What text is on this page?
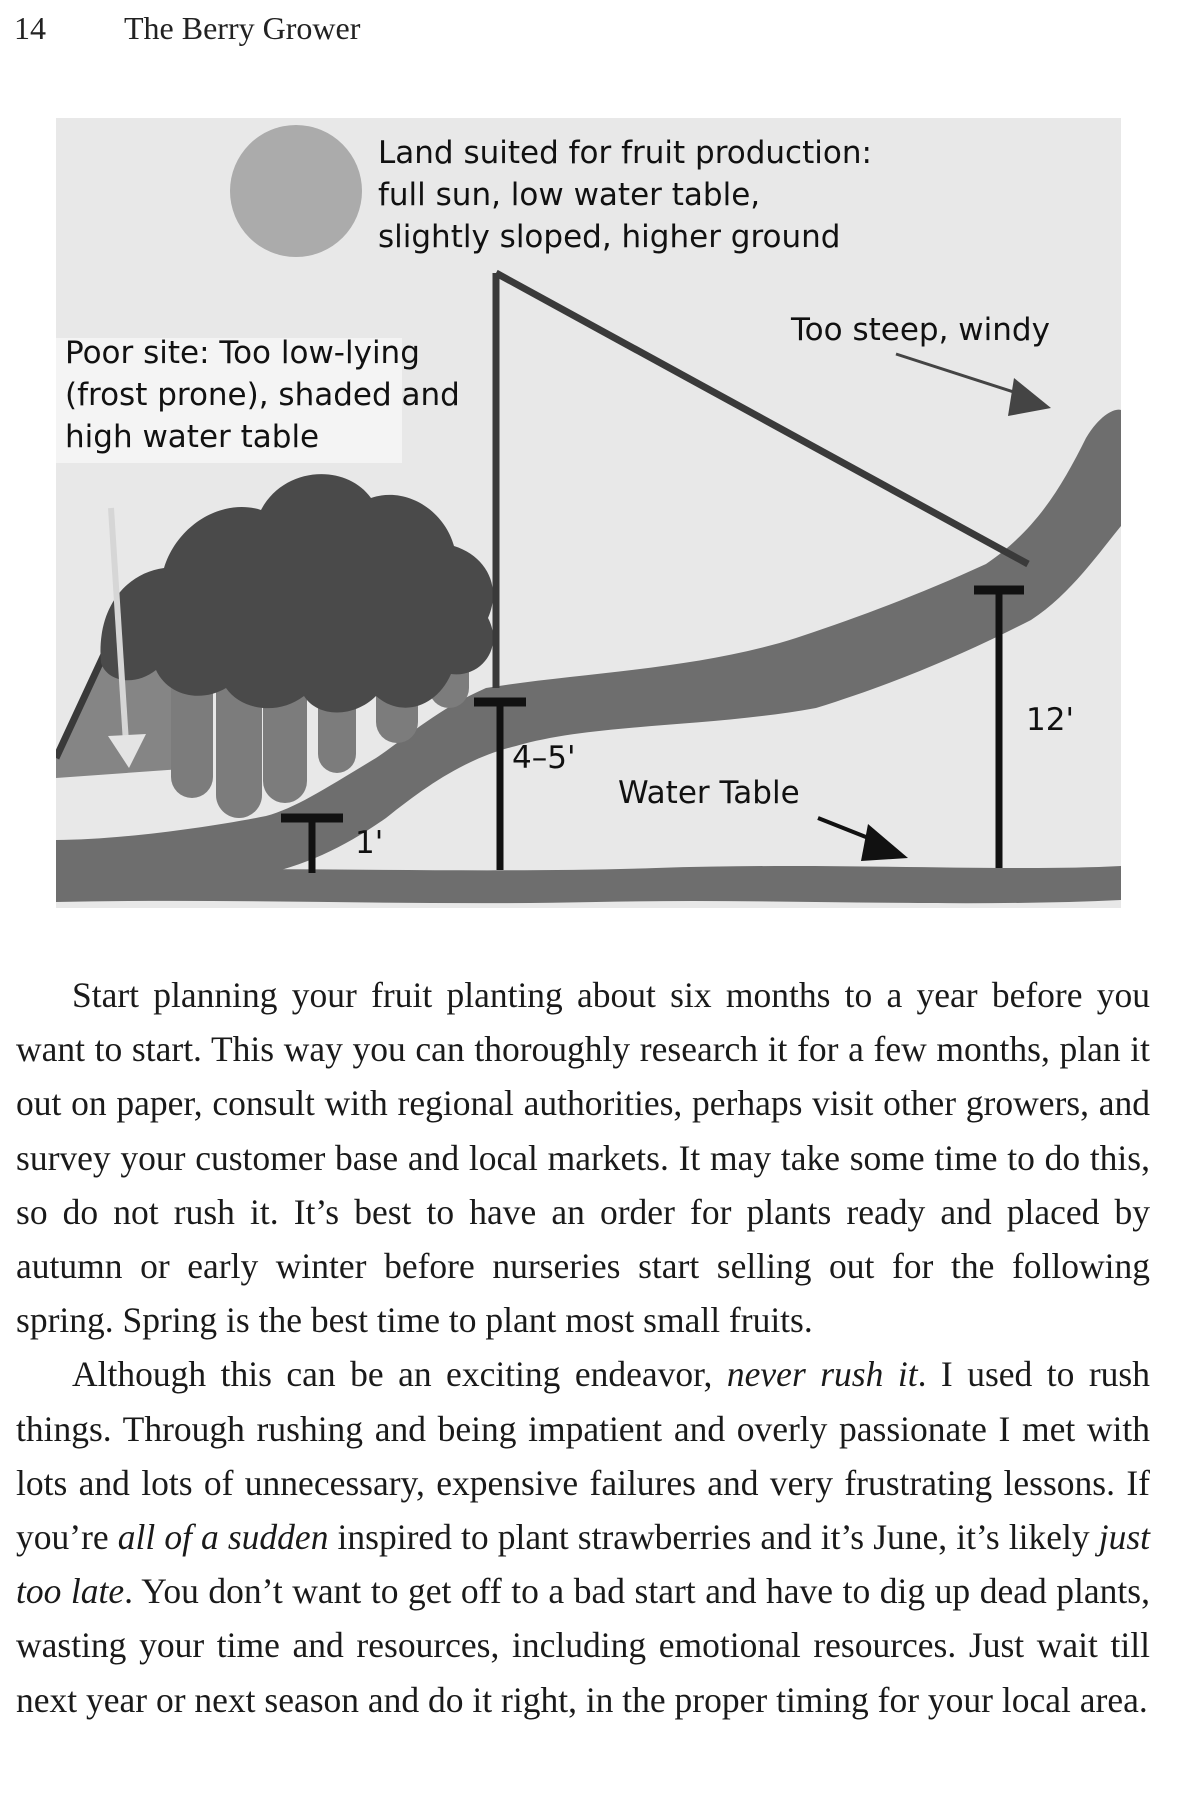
14 The Berry Grower
Land suited for fruit production: full sun, low water table, slightly sloped, higher ground
Poor site: Too low-lying (frost prone), shaded and high water table
Too steep, windy
Water Table
1'
4–5'
12'

Start planning your fruit planting about six months to a year before you want to start. This way you can thoroughly research it for a few months, plan it out on paper, consult with regional authorities, perhaps visit other growers, and survey your customer base and local markets. It may take some time to do this, so do not rush it. It’s best to have an order for plants ready and placed by autumn or early winter before nurseries start selling out for the following spring. Spring is the best time to plant most small fruits.

Although this can be an exciting endeavor, never rush it. I used to rush things. Through rushing and being impatient and overly passionate I met with lots and lots of unnecessary, expensive failures and very frustrating lessons. If you’re all of a sudden inspired to plant strawberries and it’s June, it’s likely just too late. You don’t want to get off to a bad start and have to dig up dead plants, wasting your time and resources, including emotional resources. Just wait till next year or next season and do it right, in the proper timing for your local area.
